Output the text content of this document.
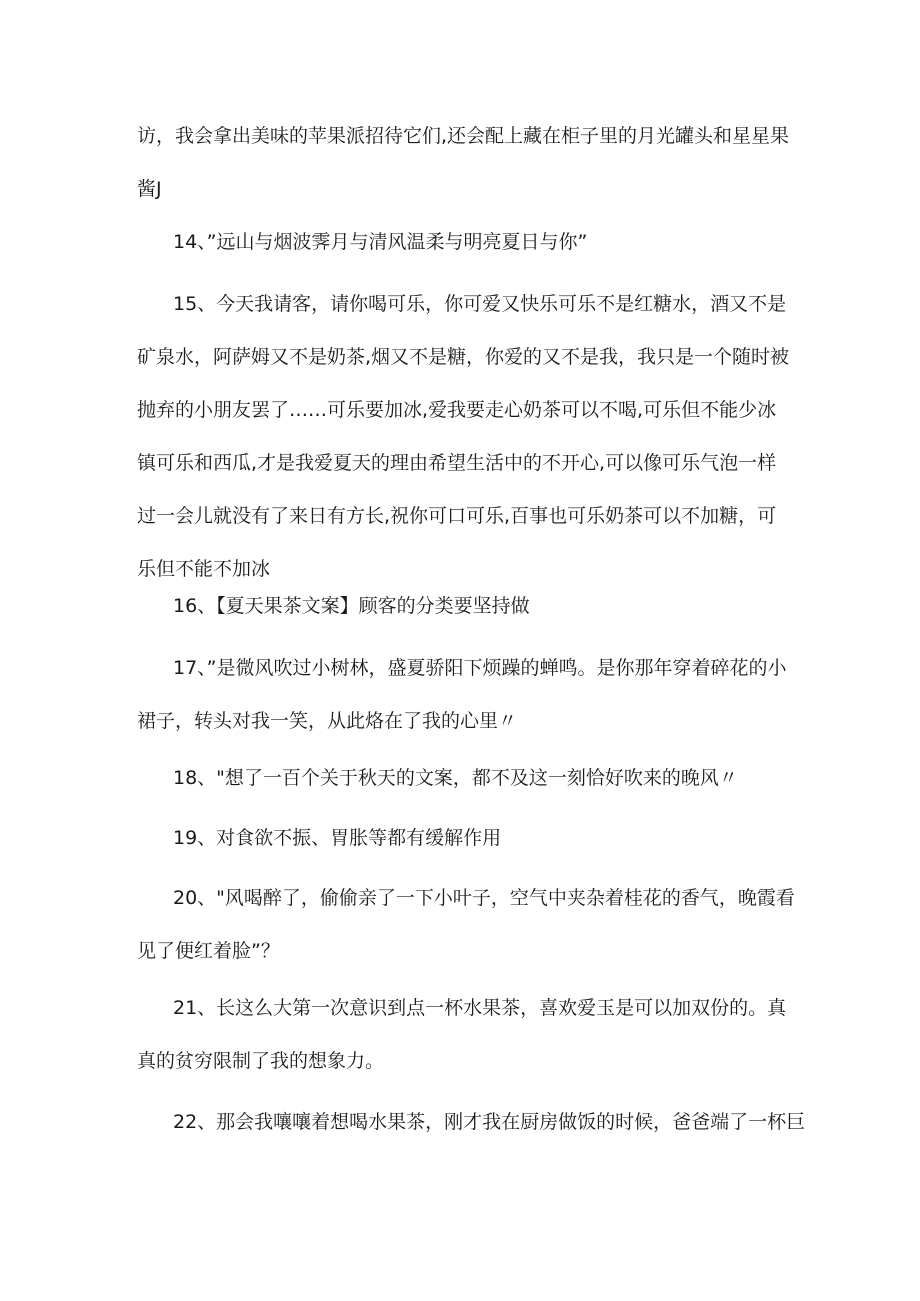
访，我会拿出美味的苹果派招待它们,还会配上藏在柜子里的月光罐头和星星果
酱J

14、”远山与烟波霁月与清风温柔与明亮夏日与你”

15、今天我请客，请你喝可乐，你可爱又快乐可乐不是红糖水，酒又不是
矿泉水，阿萨姆又不是奶茶,烟又不是糖，你爱的又不是我，我只是一个随时被
抛弃的小朋友罢了……可乐要加冰,爱我要走心奶茶可以不喝,可乐但不能少冰
镇可乐和西瓜,才是我爱夏天的理由希望生活中的不开心,可以像可乐气泡一样
过一会儿就没有了来日有方长,祝你可口可乐,百事也可乐奶茶可以不加糖，可
乐但不能不加冰

16、【夏天果茶文案】顾客的分类要坚持做

17、”是微风吹过小树林，盛夏骄阳下烦躁的蝉鸣。是你那年穿着碎花的小
裙子，转头对我一笑，从此烙在了我的心里〃

18、"想了一百个关于秋天的文案，都不及这一刻恰好吹来的晚风〃

19、对食欲不振、胃胀等都有缓解作用

20、"风喝醉了，偷偷亲了一下小叶子，空气中夹杂着桂花的香气，晚霞看
见了便红着脸”？

21、长这么大第一次意识到点一杯水果茶，喜欢爱玉是可以加双份的。真
真的贫穷限制了我的想象力。

22、那会我嚷嚷着想喝水果茶，刚才我在厨房做饭的时候，爸爸端了一杯巨
